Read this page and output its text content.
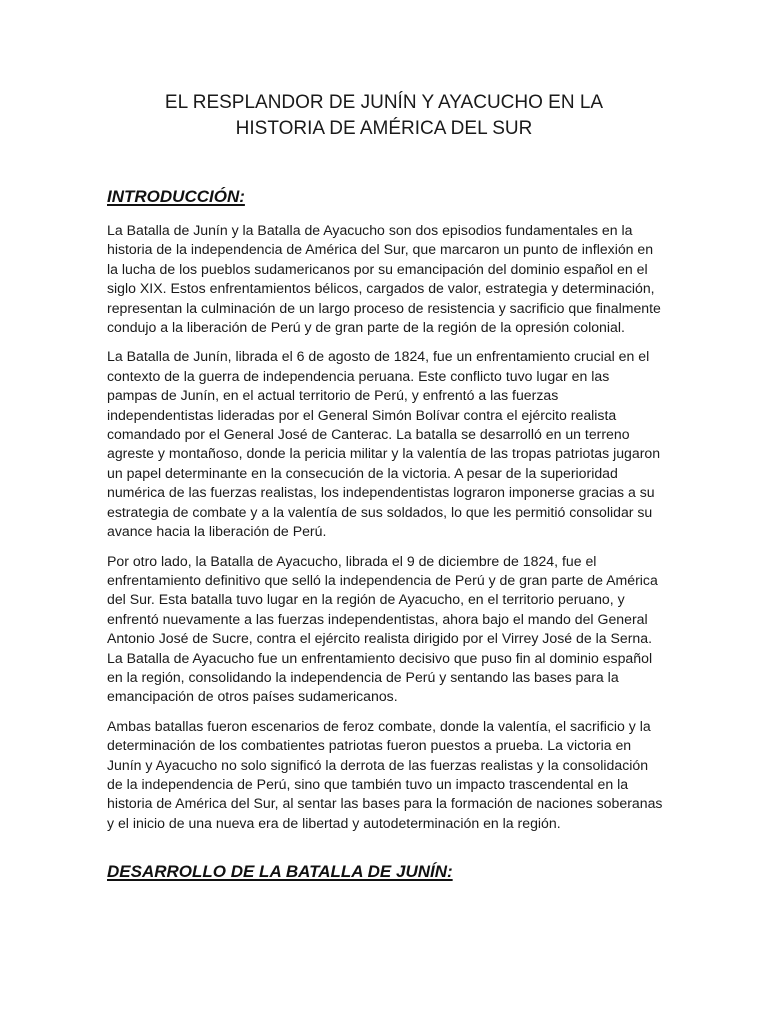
EL RESPLANDOR DE JUNÍN Y AYACUCHO EN LA
HISTORIA DE AMÉRICA DEL SUR
INTRODUCCIÓN:

La Batalla de Junín y la Batalla de Ayacucho son dos episodios fundamentales en la historia de la independencia de América del Sur, que marcaron un punto de inflexión en la lucha de los pueblos sudamericanos por su emancipación del dominio español en el siglo XIX. Estos enfrentamientos bélicos, cargados de valor, estrategia y determinación, representan la culminación de un largo proceso de resistencia y sacrificio que finalmente condujo a la liberación de Perú y de gran parte de la región de la opresión colonial.

La Batalla de Junín, librada el 6 de agosto de 1824, fue un enfrentamiento crucial en el contexto de la guerra de independencia peruana. Este conflicto tuvo lugar en las pampas de Junín, en el actual territorio de Perú, y enfrentó a las fuerzas independentistas lideradas por el General Simón Bolívar contra el ejército realista comandado por el General José de Canterac. La batalla se desarrolló en un terreno agreste y montañoso, donde la pericia militar y la valentía de las tropas patriotas jugaron un papel determinante en la consecución de la victoria. A pesar de la superioridad numérica de las fuerzas realistas, los independentistas lograron imponerse gracias a su estrategia de combate y a la valentía de sus soldados, lo que les permitió consolidar su avance hacia la liberación de Perú.

Por otro lado, la Batalla de Ayacucho, librada el 9 de diciembre de 1824, fue el enfrentamiento definitivo que selló la independencia de Perú y de gran parte de América del Sur. Esta batalla tuvo lugar en la región de Ayacucho, en el territorio peruano, y enfrentó nuevamente a las fuerzas independentistas, ahora bajo el mando del General Antonio José de Sucre, contra el ejército realista dirigido por el Virrey José de la Serna. La Batalla de Ayacucho fue un enfrentamiento decisivo que puso fin al dominio español en la región, consolidando la independencia de Perú y sentando las bases para la emancipación de otros países sudamericanos.

Ambas batallas fueron escenarios de feroz combate, donde la valentía, el sacrificio y la determinación de los combatientes patriotas fueron puestos a prueba. La victoria en Junín y Ayacucho no solo significó la derrota de las fuerzas realistas y la consolidación de la independencia de Perú, sino que también tuvo un impacto trascendental en la historia de América del Sur, al sentar las bases para la formación de naciones soberanas y el inicio de una nueva era de libertad y autodeterminación en la región.

DESARROLLO DE LA BATALLA DE JUNÍN:
